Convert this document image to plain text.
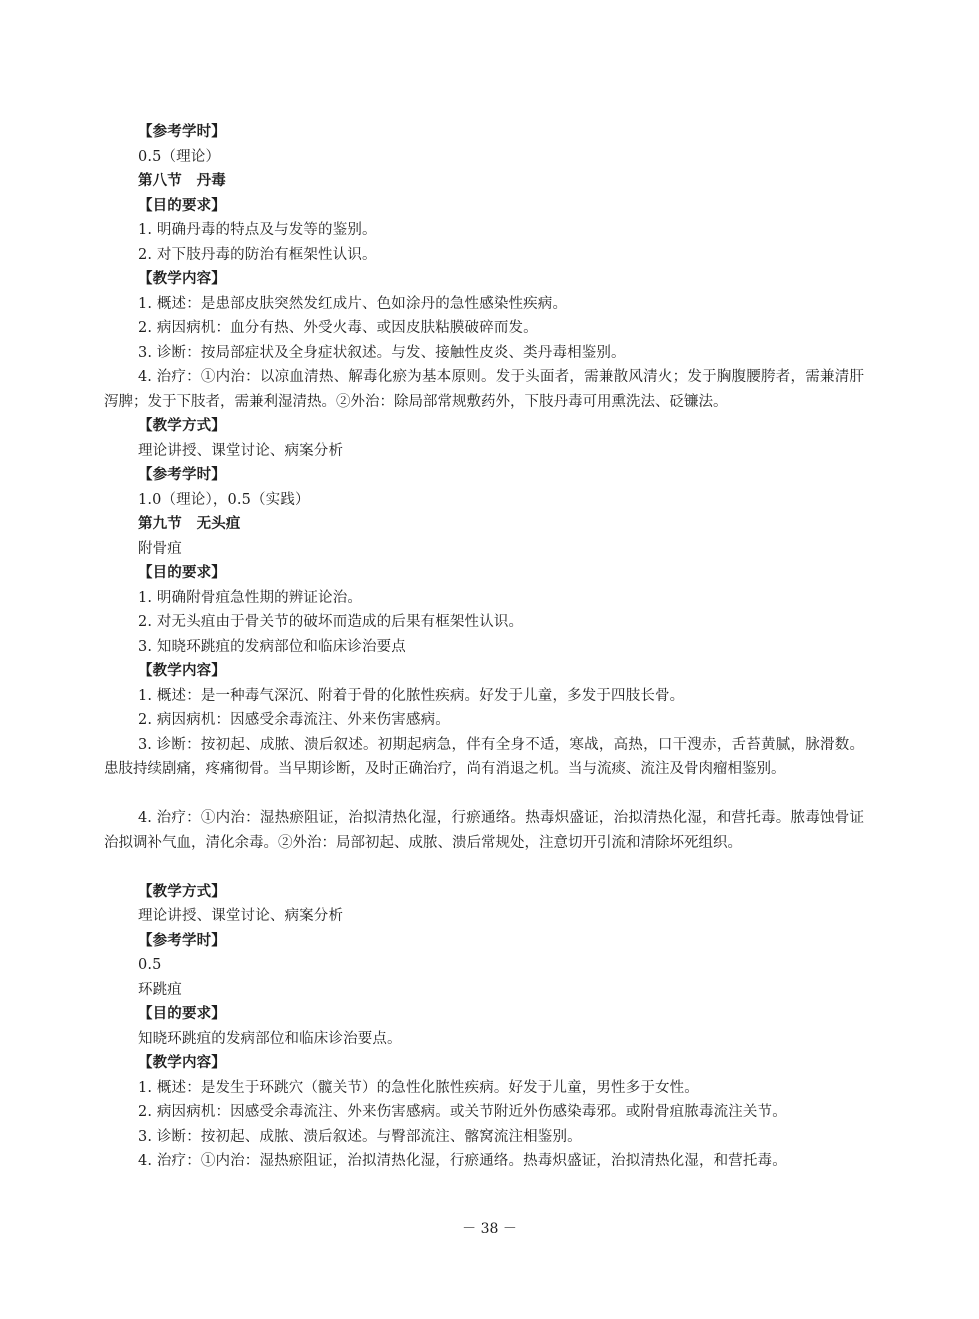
【参考学时】
0.5（理论）
第八节　丹毒
【目的要求】
1. 明确丹毒的特点及与发等的鉴别。
2. 对下肢丹毒的防治有框架性认识。
【教学内容】
1. 概述：是患部皮肤突然发红成片、色如涂丹的急性感染性疾病。
2. 病因病机：血分有热、外受火毒、或因皮肤粘膜破碎而发。
3. 诊断：按局部症状及全身症状叙述。与发、接触性皮炎、类丹毒相鉴别。
4. 治疗：①内治：以凉血清热、解毒化瘀为基本原则。发于头面者，需兼散风清火；发于胸腹腰胯者，需兼清肝泻脾；发于下肢者，需兼利湿清热。②外治：除局部常规敷药外，下肢丹毒可用熏洗法、砭镰法。
【教学方式】
理论讲授、课堂讨论、病案分析
【参考学时】
1.0（理论），0.5（实践）
第九节　无头疽
附骨疽
【目的要求】
1. 明确附骨疽急性期的辨证论治。
2. 对无头疽由于骨关节的破坏而造成的后果有框架性认识。
3. 知晓环跳疽的发病部位和临床诊治要点
【教学内容】
1. 概述：是一种毒气深沉、附着于骨的化脓性疾病。好发于儿童，多发于四肢长骨。
2. 病因病机：因感受余毒流注、外来伤害感病。
3. 诊断：按初起、成脓、溃后叙述。初期起病急，伴有全身不适，寒战，高热，口干溲赤，舌苔黄腻，脉滑数。患肢持续剧痛，疼痛彻骨。当早期诊断，及时正确治疗，尚有消退之机。当与流痰、流注及骨肉瘤相鉴别。
4. 治疗：①内治：湿热瘀阻证，治拟清热化湿，行瘀通络。热毒炽盛证，治拟清热化湿，和营托毒。脓毒蚀骨证治拟调补气血，清化余毒。②外治：局部初起、成脓、溃后常规处，注意切开引流和清除坏死组织。
【教学方式】
理论讲授、课堂讨论、病案分析
【参考学时】
0.5
环跳疽
【目的要求】
知晓环跳疽的发病部位和临床诊治要点。
【教学内容】
1. 概述：是发生于环跳穴（髋关节）的急性化脓性疾病。好发于儿童，男性多于女性。
2. 病因病机：因感受余毒流注、外来伤害感病。或关节附近外伤感染毒邪。或附骨疽脓毒流注关节。
3. 诊断：按初起、成脓、溃后叙述。与臀部流注、髂窝流注相鉴别。
4. 治疗：①内治：湿热瘀阻证，治拟清热化湿，行瘀通络。热毒炽盛证，治拟清热化湿，和营托毒。
－ 38 －
